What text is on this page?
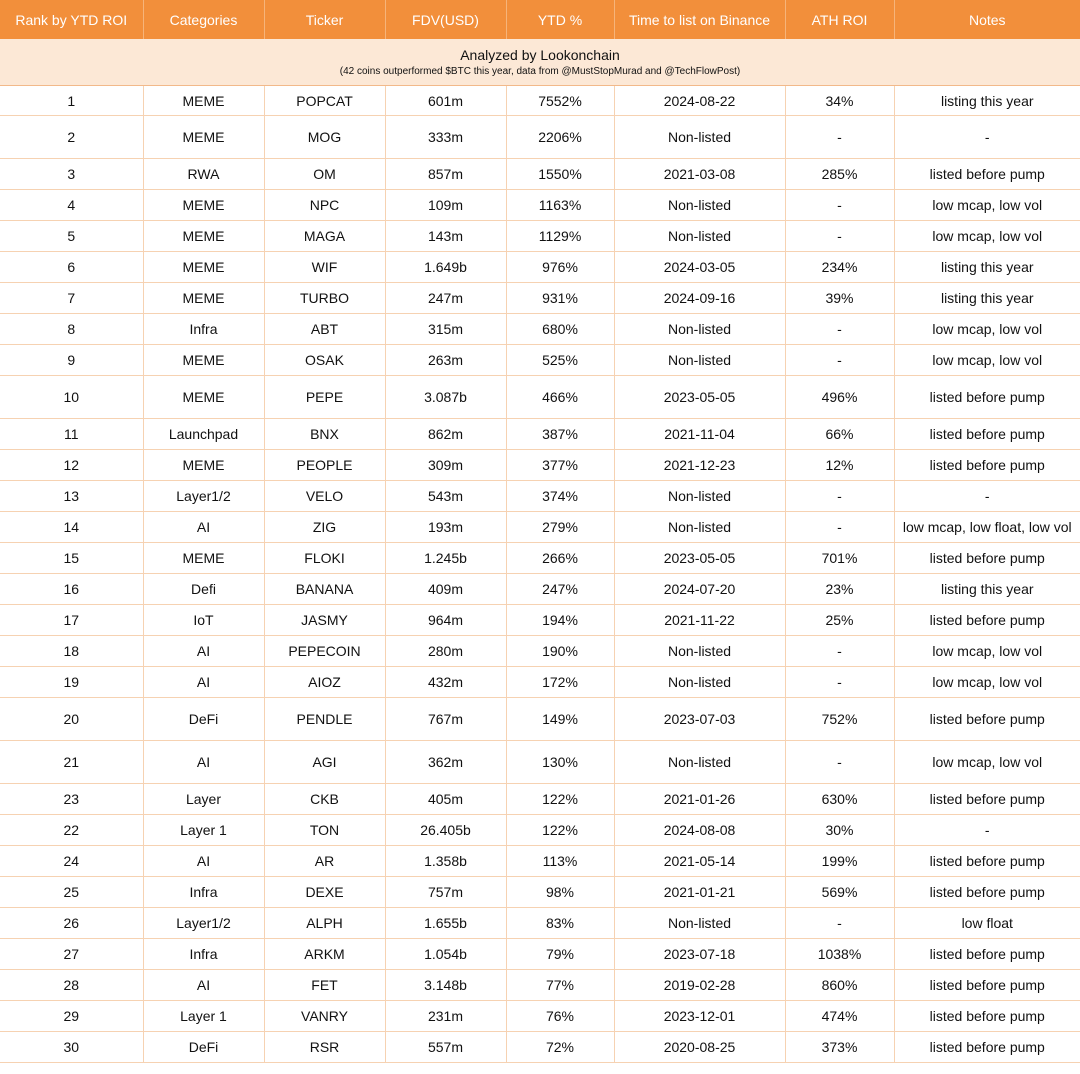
Rank by YTD ROI	Categories	Ticker	FDV(USD)	YTD %	Time to list on Binance	ATH ROI	Notes

Analyzed by Lookonchain
(42 coins outperformed $BTC this year, data from @MustStopMurad and @TechFlowPost)							

1	MEME	POPCAT	601m	7552%	2024-08-22	34%	listing this year
2	MEME	MOG	333m	2206%	Non-listed	-	-
3	RWA	OM	857m	1550%	2021-03-08	285%	listed before pump
4	MEME	NPC	109m	1163%	Non-listed	-	low mcap, low vol
5	MEME	MAGA	143m	1129%	Non-listed	-	low mcap, low vol
6	MEME	WIF	1.649b	976%	2024-03-05	234%	listing this year
7	MEME	TURBO	247m	931%	2024-09-16	39%	listing this year
8	Infra	ABT	315m	680%	Non-listed	-	low mcap, low vol
9	MEME	OSAK	263m	525%	Non-listed	-	low mcap, low vol
10	MEME	PEPE	3.087b	466%	2023-05-05	496%	listed before pump
11	Launchpad	BNX	862m	387%	2021-11-04	66%	listed before pump
12	MEME	PEOPLE	309m	377%	2021-12-23	12%	listed before pump
13	Layer1/2	VELO	543m	374%	Non-listed	-	-
14	AI	ZIG	193m	279%	Non-listed	-	low mcap, low float, low vol
15	MEME	FLOKI	1.245b	266%	2023-05-05	701%	listed before pump
16	Defi	BANANA	409m	247%	2024-07-20	23%	listing this year
17	IoT	JASMY	964m	194%	2021-11-22	25%	listed before pump
18	AI	PEPECOIN	280m	190%	Non-listed	-	low mcap, low vol
19	AI	AIOZ	432m	172%	Non-listed	-	low mcap, low vol
20	DeFi	PENDLE	767m	149%	2023-07-03	752%	listed before pump
21	AI	AGI	362m	130%	Non-listed	-	low mcap, low vol
23	Layer	CKB	405m	122%	2021-01-26	630%	listed before pump
22	Layer 1	TON	26.405b	122%	2024-08-08	30%	-
24	AI	AR	1.358b	113%	2021-05-14	199%	listed before pump
25	Infra	DEXE	757m	98%	2021-01-21	569%	listed before pump
26	Layer1/2	ALPH	1.655b	83%	Non-listed	-	low float
27	Infra	ARKM	1.054b	79%	2023-07-18	1038%	listed before pump
28	AI	FET	3.148b	77%	2019-02-28	860%	listed before pump
29	Layer 1	VANRY	231m	76%	2023-12-01	474%	listed before pump
30	DeFi	RSR	557m	72%	2020-08-25	373%	listed before pump
